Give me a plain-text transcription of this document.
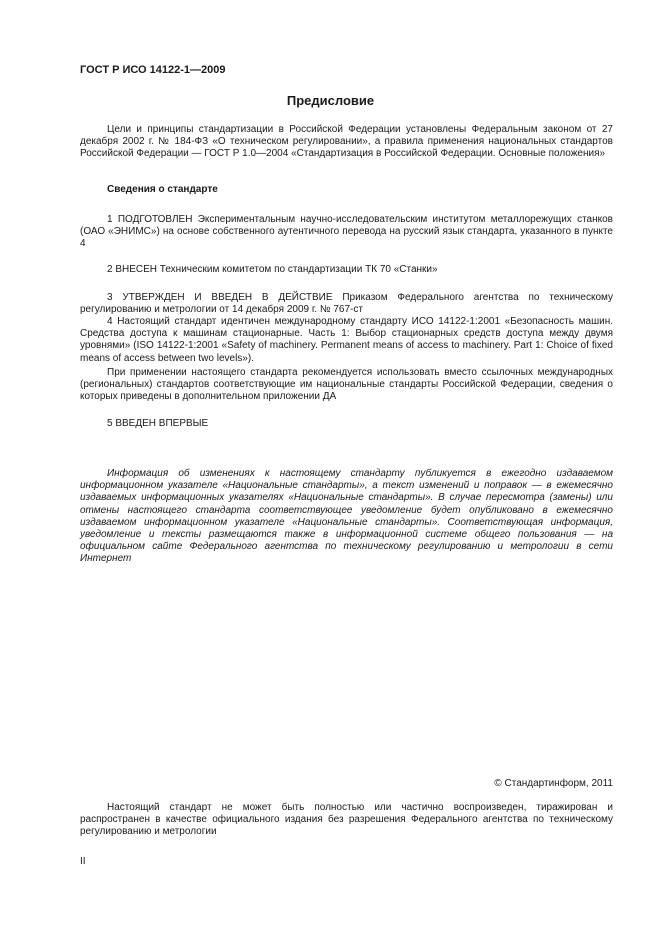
ГОСТ Р ИСО 14122-1—2009
Предисловие

Цели и принципы стандартизации в Российской Федерации установлены Федеральным законом от 27 декабря 2002 г. № 184-ФЗ «О техническом регулировании», а правила применения национальных стандартов Российской Федерации — ГОСТ Р 1.0—2004 «Стандартизация в Российской Федерации. Основные положения»

Сведения о стандарте

1 ПОДГОТОВЛЕН Экспериментальным научно-исследовательским институтом металлорежущих станков (ОАО «ЭНИМС») на основе собственного аутентичного перевода на русский язык стандарта, указанного в пункте 4

2 ВНЕСЕН Техническим комитетом по стандартизации ТК 70 «Станки»

3 УТВЕРЖДЕН И ВВЕДЕН В ДЕЙСТВИЕ Приказом Федерального агентства по техническому регулированию и метрологии от 14 декабря 2009 г. № 767-ст

4 Настоящий стандарт идентичен международному стандарту ИСО 14122-1:2001 «Безопасность машин. Средства доступа к машинам стационарные. Часть 1: Выбор стационарных средств доступа между двумя уровнями» (ISO 14122-1:2001 «Safety of machinery. Permanent means of access to machinery. Part 1: Choice of fixed means of access between two levels»).

При применении настоящего стандарта рекомендуется использовать вместо ссылочных международных (региональных) стандартов соответствующие им национальные стандарты Российской Федерации, сведения о которых приведены в дополнительном приложении ДА

5 ВВЕДЕН ВПЕРВЫЕ

Информация об изменениях к настоящему стандарту публикуется в ежегодно издаваемом информационном указателе «Национальные стандарты», а текст изменений и поправок — в ежемесячно издаваемых информационных указателях «Национальные стандарты». В случае пересмотра (замены) или отмены настоящего стандарта соответствующее уведомление будет опубликовано в ежемесячно издаваемом информационном указателе «Национальные стандарты». Соответствующая информация, уведомление и тексты размещаются также в информационной системе общего пользования — на официальном сайте Федерального агентства по техническому регулированию и метрологии в сети Интернет

© Стандартинформ, 2011

Настоящий стандарт не может быть полностью или частично воспроизведен, тиражирован и распространен в качестве официального издания без разрешения Федерального агентства по техническому регулированию и метрологии

II
